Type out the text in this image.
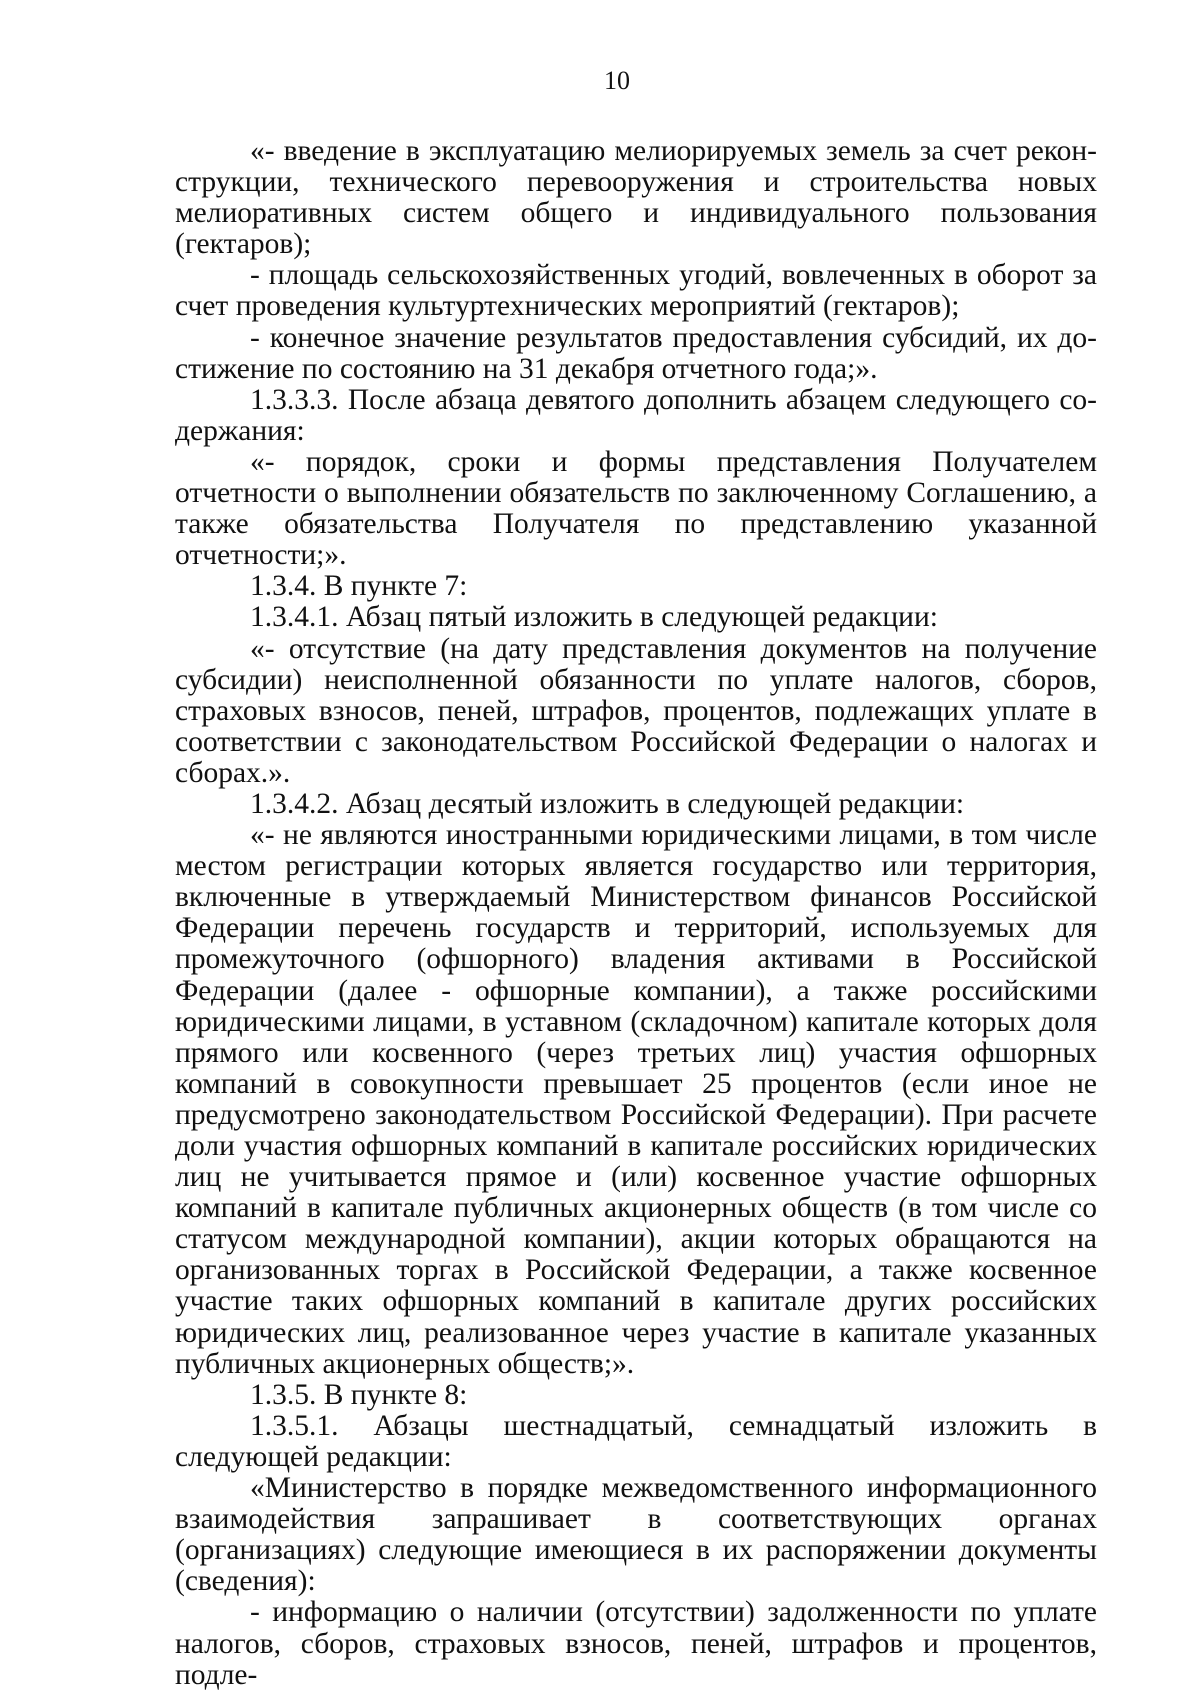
10

«- введение в эксплуатацию мелиорируемых земель за счет реконструкции, технического перевооружения и строительства новых мелиоративных систем общего и индивидуального пользования (гектаров);

- площадь сельскохозяйственных угодий, вовлеченных в оборот за счет проведения культуртехнических мероприятий (гектаров);

- конечное значение результатов предоставления субсидий, их достижение по состоянию на 31 декабря отчетного года;».

1.3.3.3. После абзаца девятого дополнить абзацем следующего содержания:

«- порядок, сроки и формы представления Получателем отчетности о выполнении обязательств по заключенному Соглашению, а также обязательства Получателя по представлению указанной отчетности;».

1.3.4. В пункте 7:

1.3.4.1. Абзац пятый изложить в следующей редакции:

«- отсутствие (на дату представления документов на получение субсидии) неисполненной обязанности по уплате налогов, сборов, страховых взносов, пеней, штрафов, процентов, подлежащих уплате в соответствии с законодательством Российской Федерации о налогах и сборах.».

1.3.4.2. Абзац десятый изложить в следующей редакции:

«- не являются иностранными юридическими лицами, в том числе местом регистрации которых является государство или территория, включенные в утверждаемый Министерством финансов Российской Федерации перечень государств и территорий, используемых для промежуточного (офшорного) владения активами в Российской Федерации (далее - офшорные компании), а также российскими юридическими лицами, в уставном (складочном) капитале которых доля прямого или косвенного (через третьих лиц) участия офшорных компаний в совокупности превышает 25 процентов (если иное не предусмотрено законодательством Российской Федерации). При расчете доли участия офшорных компаний в капитале российских юридических лиц не учитывается прямое и (или) косвенное участие офшорных компаний в капитале публичных акционерных обществ (в том числе со статусом международной компании), акции которых обращаются на организованных торгах в Российской Федерации, а также косвенное участие таких офшорных компаний в капитале других российских юридических лиц, реализованное через участие в капитале указанных публичных акционерных обществ;».

1.3.5. В пункте 8:

1.3.5.1. Абзацы шестнадцатый, семнадцатый изложить в следующей редакции:

«Министерство в порядке межведомственного информационного взаимодействия запрашивает в соответствующих органах (организациях) следующие имеющиеся в их распоряжении документы (сведения):

- информацию о наличии (отсутствии) задолженности по уплате налогов, сборов, страховых взносов, пеней, штрафов и процентов, подле-
